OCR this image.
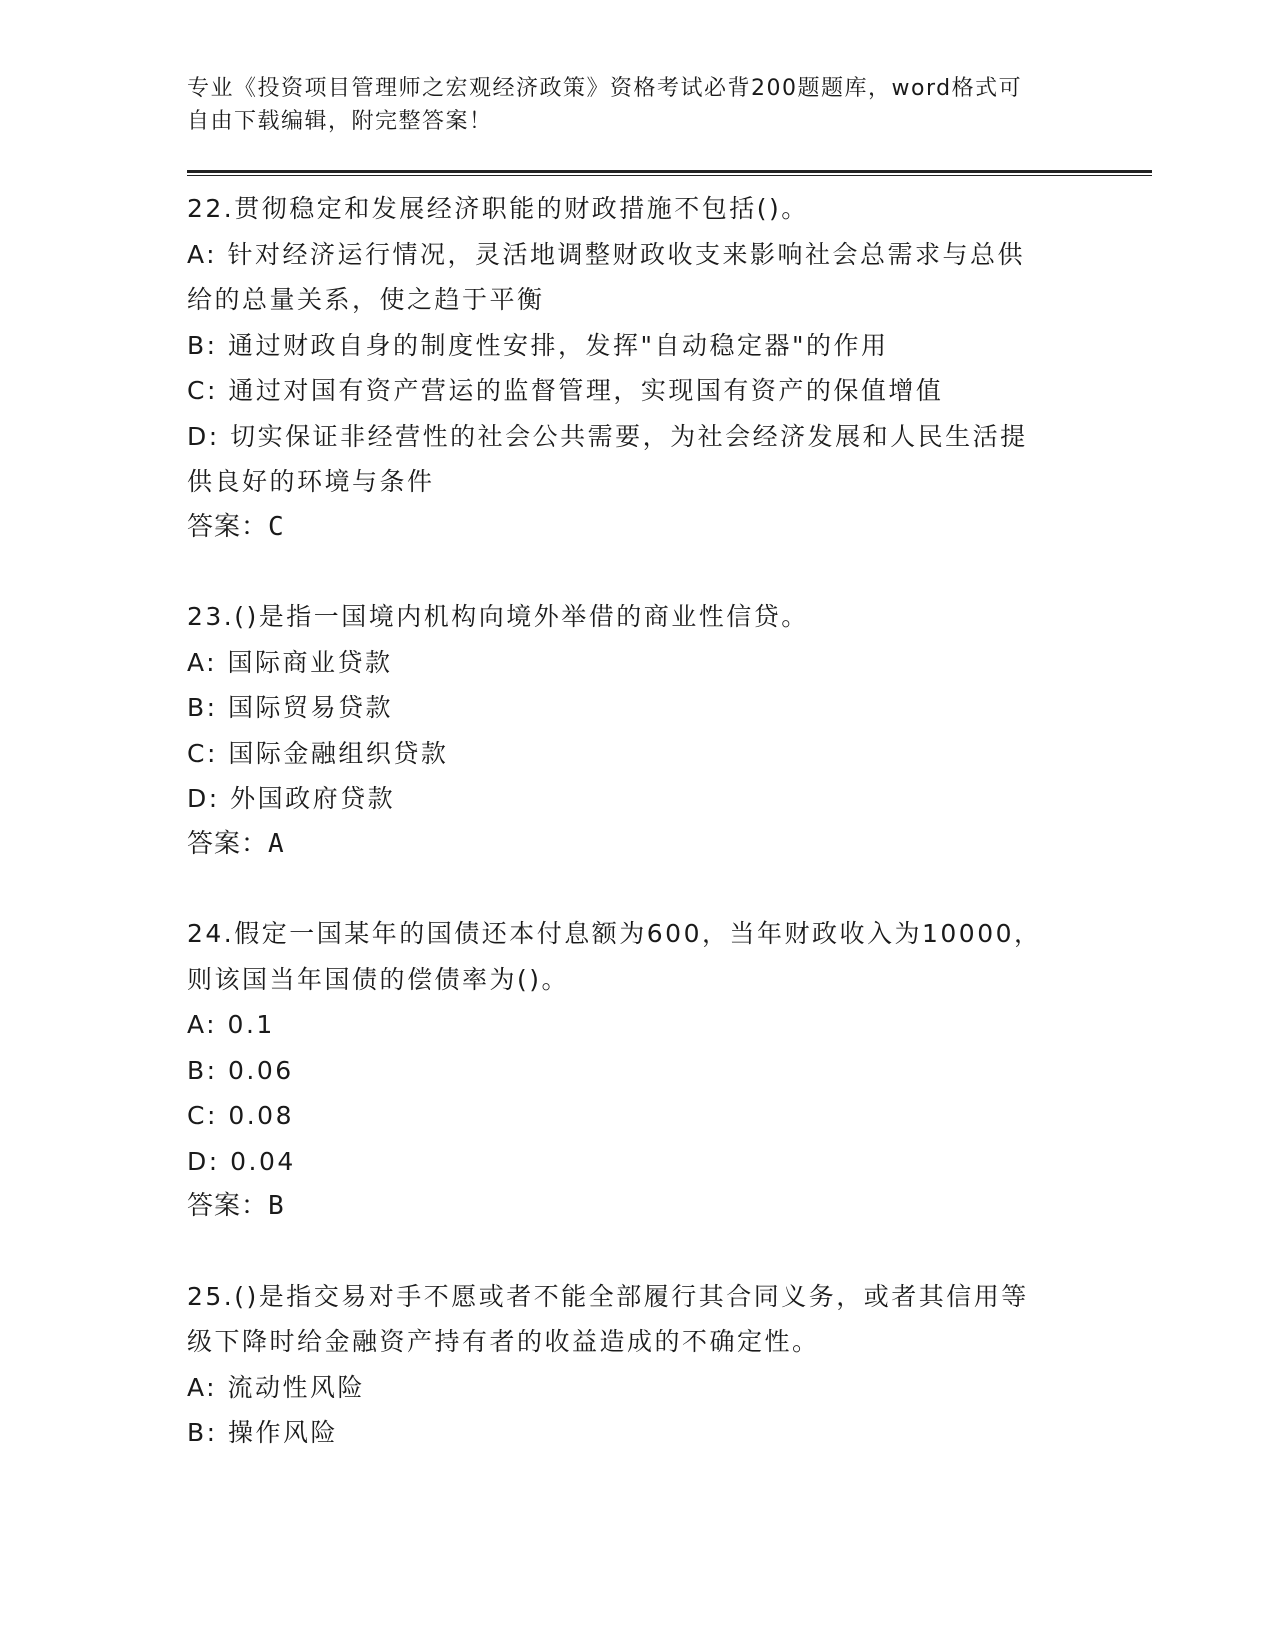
专业《投资项目管理师之宏观经济政策》资格考试必背200题题库，word格式可

自由下载编辑，附完整答案！

22.贯彻稳定和发展经济职能的财政措施不包括()。

A: 针对经济运行情况，灵活地调整财政收支来影响社会总需求与总供

给的总量关系，使之趋于平衡

B: 通过财政自身的制度性安排，发挥"自动稳定器"的作用

C: 通过对国有资产营运的监督管理，实现国有资产的保值增值

D: 切实保证非经营性的社会公共需要，为社会经济发展和人民生活提

供良好的环境与条件

答案：C

23.()是指一国境内机构向境外举借的商业性信贷。

A: 国际商业贷款

B: 国际贸易贷款

C: 国际金融组织贷款

D: 外国政府贷款

答案：A

24.假定一国某年的国债还本付息额为600，当年财政收入为10000，

则该国当年国债的偿债率为()。

A: 0.1

B: 0.06

C: 0.08

D: 0.04

答案：B

25.()是指交易对手不愿或者不能全部履行其合同义务，或者其信用等

级下降时给金融资产持有者的收益造成的不确定性。

A: 流动性风险

B: 操作风险
